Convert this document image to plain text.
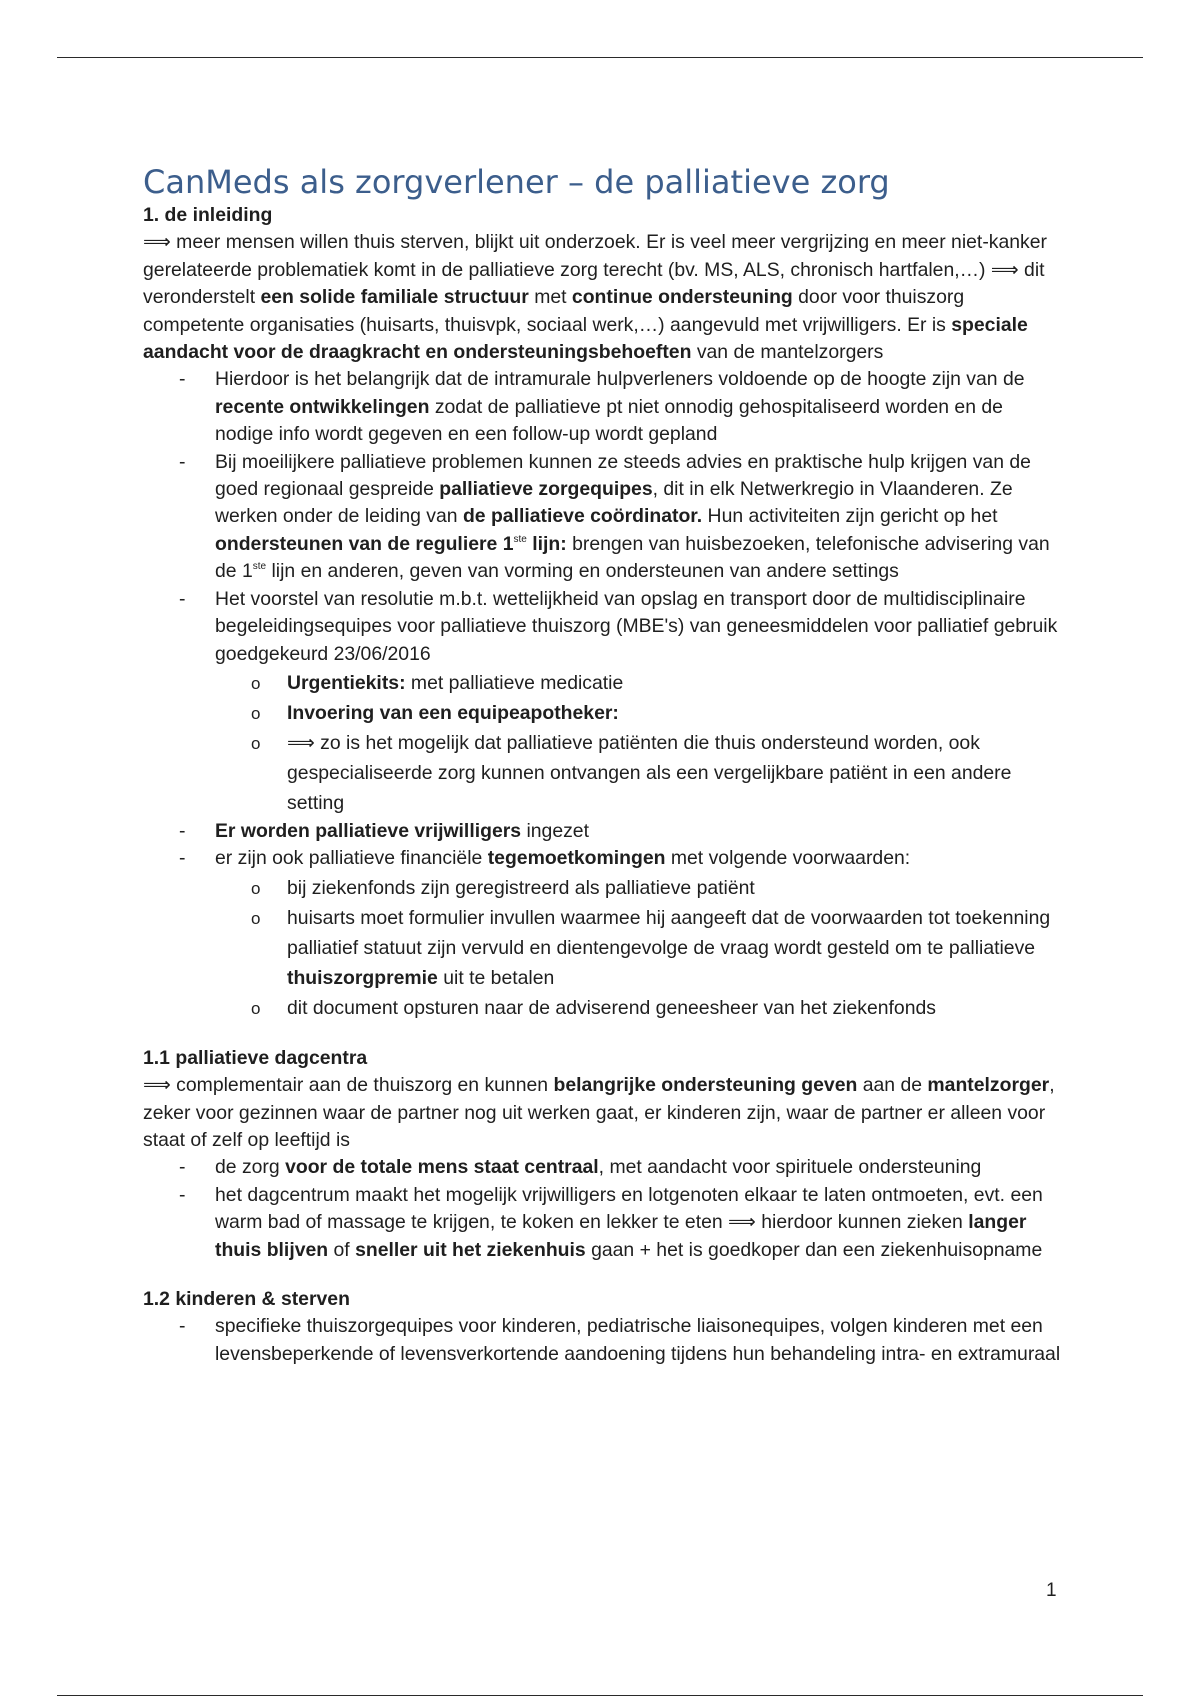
CanMeds als zorgverlener – de palliatieve zorg

1. de inleiding

⟹ meer mensen willen thuis sterven, blijkt uit onderzoek. Er is veel meer vergrijzing en meer niet-kanker gerelateerde problematiek komt in de palliatieve zorg terecht (bv. MS, ALS, chronisch hartfalen,…) ⟹ dit veronderstelt een solide familiale structuur met continue ondersteuning door voor thuiszorg competente organisaties (huisarts, thuisvpk, sociaal werk,…) aangevuld met vrijwilligers. Er is speciale aandacht voor de draagkracht en ondersteuningsbehoeften van de mantelzorgers

- Hierdoor is het belangrijk dat de intramurale hulpverleners voldoende op de hoogte zijn van de recente ontwikkelingen zodat de palliatieve pt niet onnodig gehospitaliseerd worden en de nodige info wordt gegeven en een follow-up wordt gepland
- Bij moeilijkere palliatieve problemen kunnen ze steeds advies en praktische hulp krijgen van de goed regionaal gespreide palliatieve zorgequipes, dit in elk Netwerkregio in Vlaanderen. Ze werken onder de leiding van de palliatieve coördinator. Hun activiteiten zijn gericht op het ondersteunen van de reguliere 1ste lijn: brengen van huisbezoeken, telefonische advisering van de 1ste lijn en anderen, geven van vorming en ondersteunen van andere settings
- Het voorstel van resolutie m.b.t. wettelijkheid van opslag en transport door de multidisciplinaire begeleidingsequipes voor palliatieve thuiszorg (MBE's) van geneesmiddelen voor palliatief gebruik goedgekeurd 23/06/2016
o Urgentiekits: met palliatieve medicatie
o Invoering van een equipeapotheker:
o ⟹ zo is het mogelijk dat palliatieve patiënten die thuis ondersteund worden, ook gespecialiseerde zorg kunnen ontvangen als een vergelijkbare patiënt in een andere setting
- Er worden palliatieve vrijwilligers ingezet
- er zijn ook palliatieve financiële tegemoetkomingen met volgende voorwaarden:
o bij ziekenfonds zijn geregistreerd als palliatieve patiënt
o huisarts moet formulier invullen waarmee hij aangeeft dat de voorwaarden tot toekenning palliatief statuut zijn vervuld en dientengevolge de vraag wordt gesteld om te palliatieve thuiszorgpremie uit te betalen
o dit document opsturen naar de adviserend geneesheer van het ziekenfonds

1.1 palliatieve dagcentra

⟹ complementair aan de thuiszorg en kunnen belangrijke ondersteuning geven aan de mantelzorger, zeker voor gezinnen waar de partner nog uit werken gaat, er kinderen zijn, waar de partner er alleen voor staat of zelf op leeftijd is

- de zorg voor de totale mens staat centraal, met aandacht voor spirituele ondersteuning
- het dagcentrum maakt het mogelijk vrijwilligers en lotgenoten elkaar te laten ontmoeten, evt. een warm bad of massage te krijgen, te koken en lekker te eten ⟹ hierdoor kunnen zieken langer thuis blijven of sneller uit het ziekenhuis gaan + het is goedkoper dan een ziekenhuisopname

1.2 kinderen & sterven

- specifieke thuiszorgequipes voor kinderen, pediatrische liaisonequipes, volgen kinderen met een levensbeperkende of levensverkortende aandoening tijdens hun behandeling intra- en extramuraal
1
